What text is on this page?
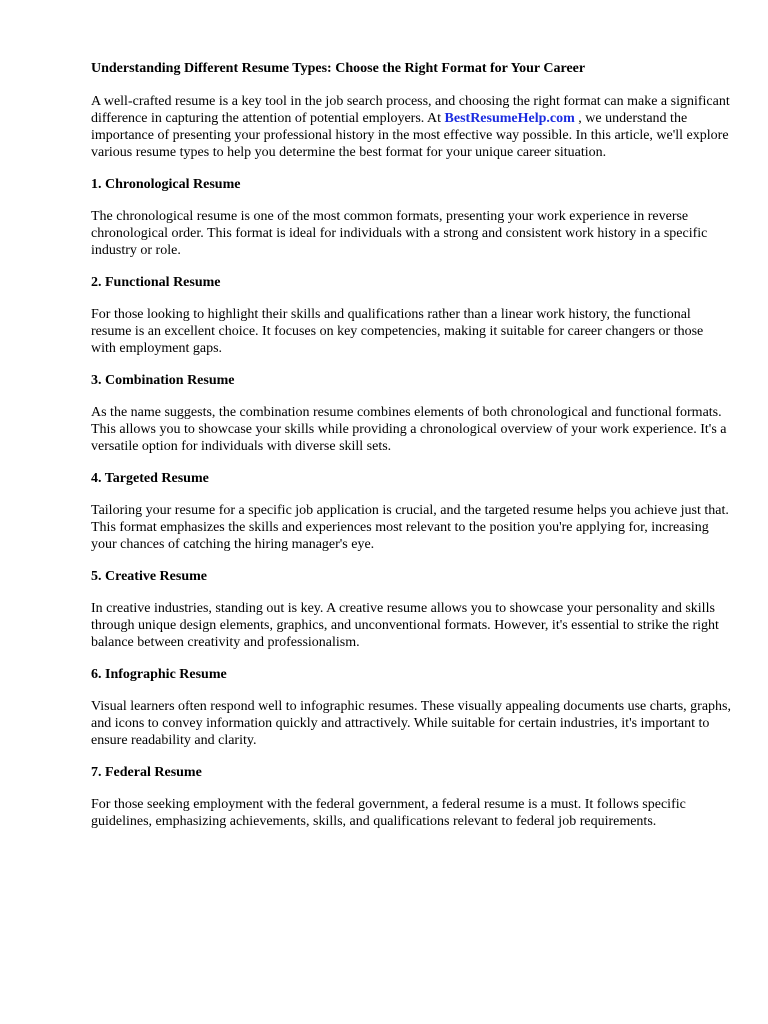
Understanding Different Resume Types: Choose the Right Format for Your Career

A well-crafted resume is a key tool in the job search process, and choosing the right format can make a significant difference in capturing the attention of potential employers. At BestResumeHelp.com , we understand the importance of presenting your professional history in the most effective way possible. In this article, we'll explore various resume types to help you determine the best format for your unique career situation.

1. Chronological Resume

The chronological resume is one of the most common formats, presenting your work experience in reverse chronological order. This format is ideal for individuals with a strong and consistent work history in a specific industry or role.

2. Functional Resume

For those looking to highlight their skills and qualifications rather than a linear work history, the functional resume is an excellent choice. It focuses on key competencies, making it suitable for career changers or those with employment gaps.

3. Combination Resume

As the name suggests, the combination resume combines elements of both chronological and functional formats. This allows you to showcase your skills while providing a chronological overview of your work experience. It's a versatile option for individuals with diverse skill sets.

4. Targeted Resume

Tailoring your resume for a specific job application is crucial, and the targeted resume helps you achieve just that. This format emphasizes the skills and experiences most relevant to the position you're applying for, increasing your chances of catching the hiring manager's eye.

5. Creative Resume

In creative industries, standing out is key. A creative resume allows you to showcase your personality and skills through unique design elements, graphics, and unconventional formats. However, it's essential to strike the right balance between creativity and professionalism.

6. Infographic Resume

Visual learners often respond well to infographic resumes. These visually appealing documents use charts, graphs, and icons to convey information quickly and attractively. While suitable for certain industries, it's important to ensure readability and clarity.

7. Federal Resume

For those seeking employment with the federal government, a federal resume is a must. It follows specific guidelines, emphasizing achievements, skills, and qualifications relevant to federal job requirements.
